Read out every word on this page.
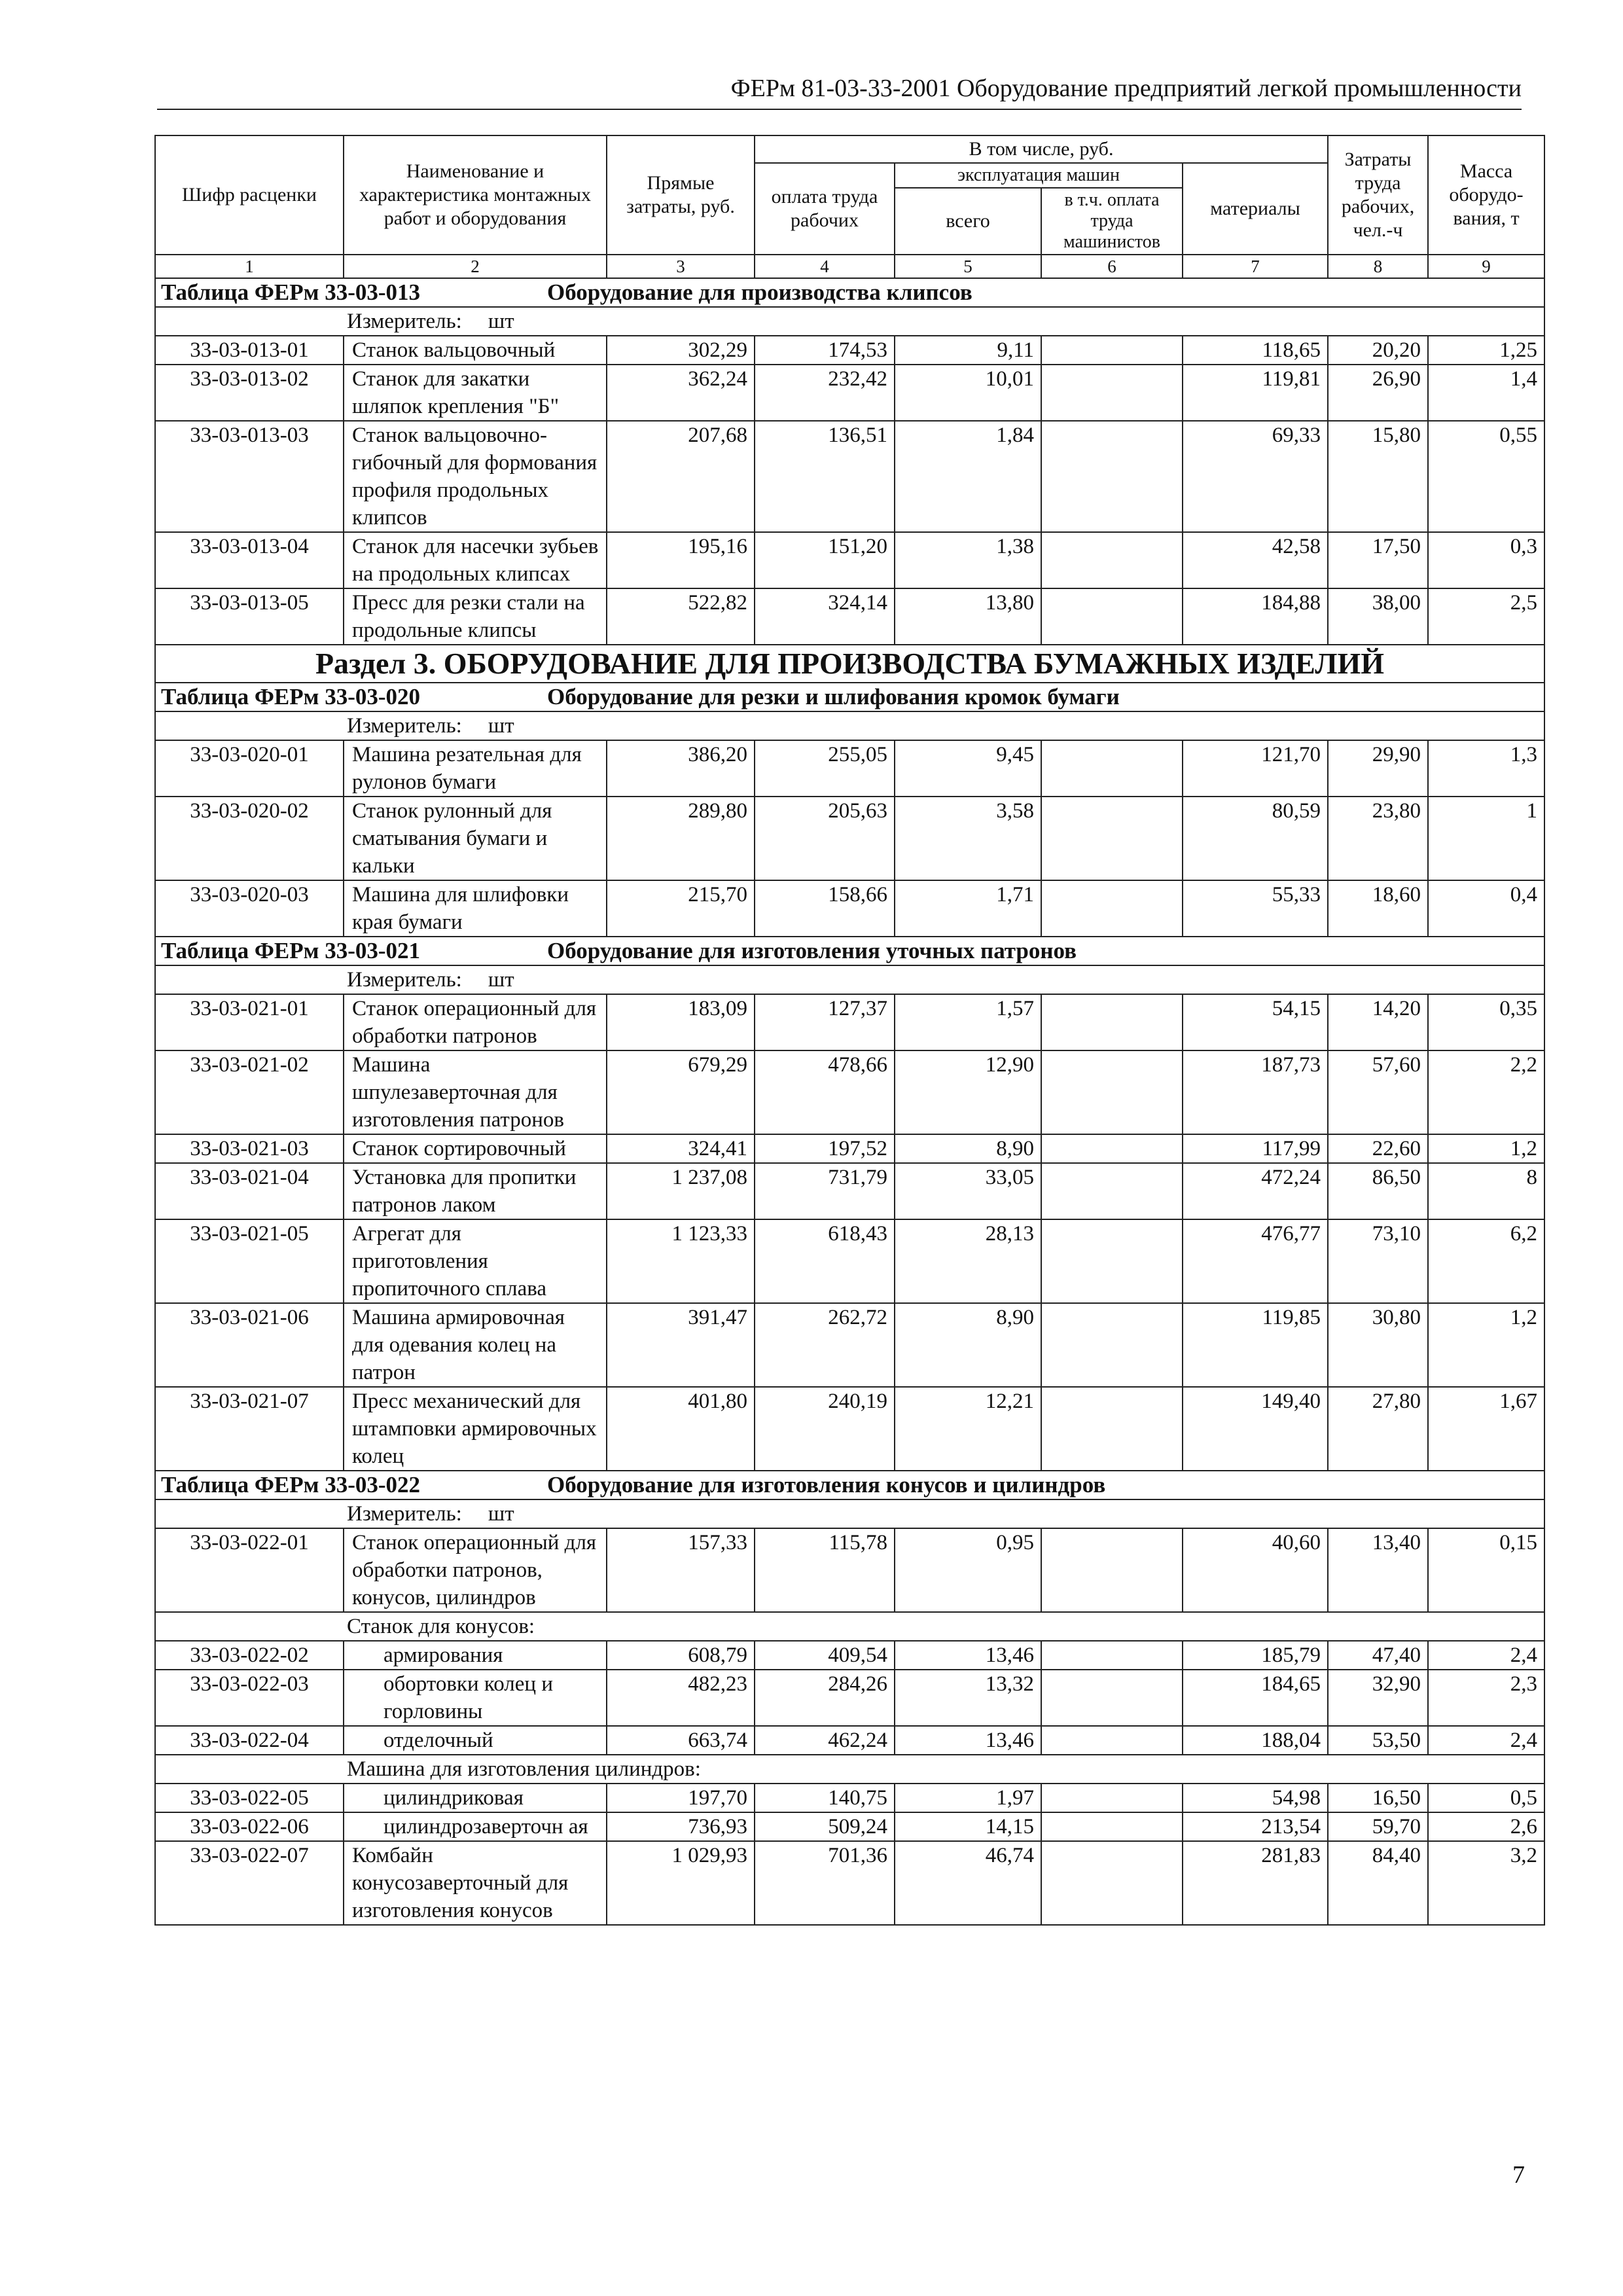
ФЕРм 81-03-33-2001 Оборудование предприятий легкой промышленности
Шифр расценки	Наименование и характеристика монтажных работ и оборудования	Прямые затраты, руб.	В том числе, руб.				Затраты труда рабочих, чел.-ч	Масса оборудо-вания, т
			оплата труда рабочих	эксплуатация машин		материалы		
				всего	в т.ч. оплата труда машинистов			

1	2	3	4	5	6	7	8	9
Таблица ФЕРм 33-03-013 Оборудование для производства клипсов								
Измеритель: шт								
33-03-013-01	Станок вальцовочный	302,29	174,53	9,11		118,65	20,20	1,25
33-03-013-02	Станок для закатки шляпок крепления "Б"	362,24	232,42	10,01		119,81	26,90	1,4
33-03-013-03	Станок вальцовочно-гибочный для формования профиля продольных клипсов	207,68	136,51	1,84		69,33	15,80	0,55
33-03-013-04	Станок для насечки зубьев на продольных клипсах	195,16	151,20	1,38		42,58	17,50	0,3
33-03-013-05	Пресс для резки стали на продольные клипсы	522,82	324,14	13,80		184,88	38,00	2,5
Раздел 3. ОБОРУДОВАНИЕ ДЛЯ ПРОИЗВОДСТВА БУМАЖНЫХ ИЗДЕЛИЙ								
Таблица ФЕРм 33-03-020 Оборудование для резки и шлифования кромок бумаги								
Измеритель: шт								
33-03-020-01	Машина резательная для рулонов бумаги	386,20	255,05	9,45		121,70	29,90	1,3
33-03-020-02	Станок рулонный для сматывания бумаги и кальки	289,80	205,63	3,58		80,59	23,80	1
33-03-020-03	Машина для шлифовки края бумаги	215,70	158,66	1,71		55,33	18,60	0,4
Таблица ФЕРм 33-03-021 Оборудование для изготовления уточных патронов								
Измеритель: шт								
33-03-021-01	Станок операционный для обработки патронов	183,09	127,37	1,57		54,15	14,20	0,35
33-03-021-02	Машина шпулезаверточная для изготовления патронов	679,29	478,66	12,90		187,73	57,60	2,2
33-03-021-03	Станок сортировочный	324,41	197,52	8,90		117,99	22,60	1,2
33-03-021-04	Установка для пропитки патронов лаком	1 237,08	731,79	33,05		472,24	86,50	8
33-03-021-05	Агрегат для приготовления пропиточного сплава	1 123,33	618,43	28,13		476,77	73,10	6,2
33-03-021-06	Машина армировочная для одевания колец на патрон	391,47	262,72	8,90		119,85	30,80	1,2
33-03-021-07	Пресс механический для штамповки армировочных колец	401,80	240,19	12,21		149,40	27,80	1,67
Таблица ФЕРм 33-03-022 Оборудование для изготовления конусов и цилиндров								
Измеритель: шт								
33-03-022-01	Станок операционный для обработки патронов, конусов, цилиндров	157,33	115,78	0,95		40,60	13,40	0,15
Станок для конусов:								
33-03-022-02	армирования	608,79	409,54	13,46		185,79	47,40	2,4
33-03-022-03	обортовки колец и горловины	482,23	284,26	13,32		184,65	32,90	2,3
33-03-022-04	отделочный	663,74	462,24	13,46		188,04	53,50	2,4
Машина для изготовления цилиндров:								
33-03-022-05	цилиндриковая	197,70	140,75	1,97		54,98	16,50	0,5
33-03-022-06	цилиндрозаверточн ая	736,93	509,24	14,15		213,54	59,70	2,6
33-03-022-07	Комбайн конусозаверточный для изготовления конусов	1 029,93	701,36	46,74		281,83	84,40	3,2
7
